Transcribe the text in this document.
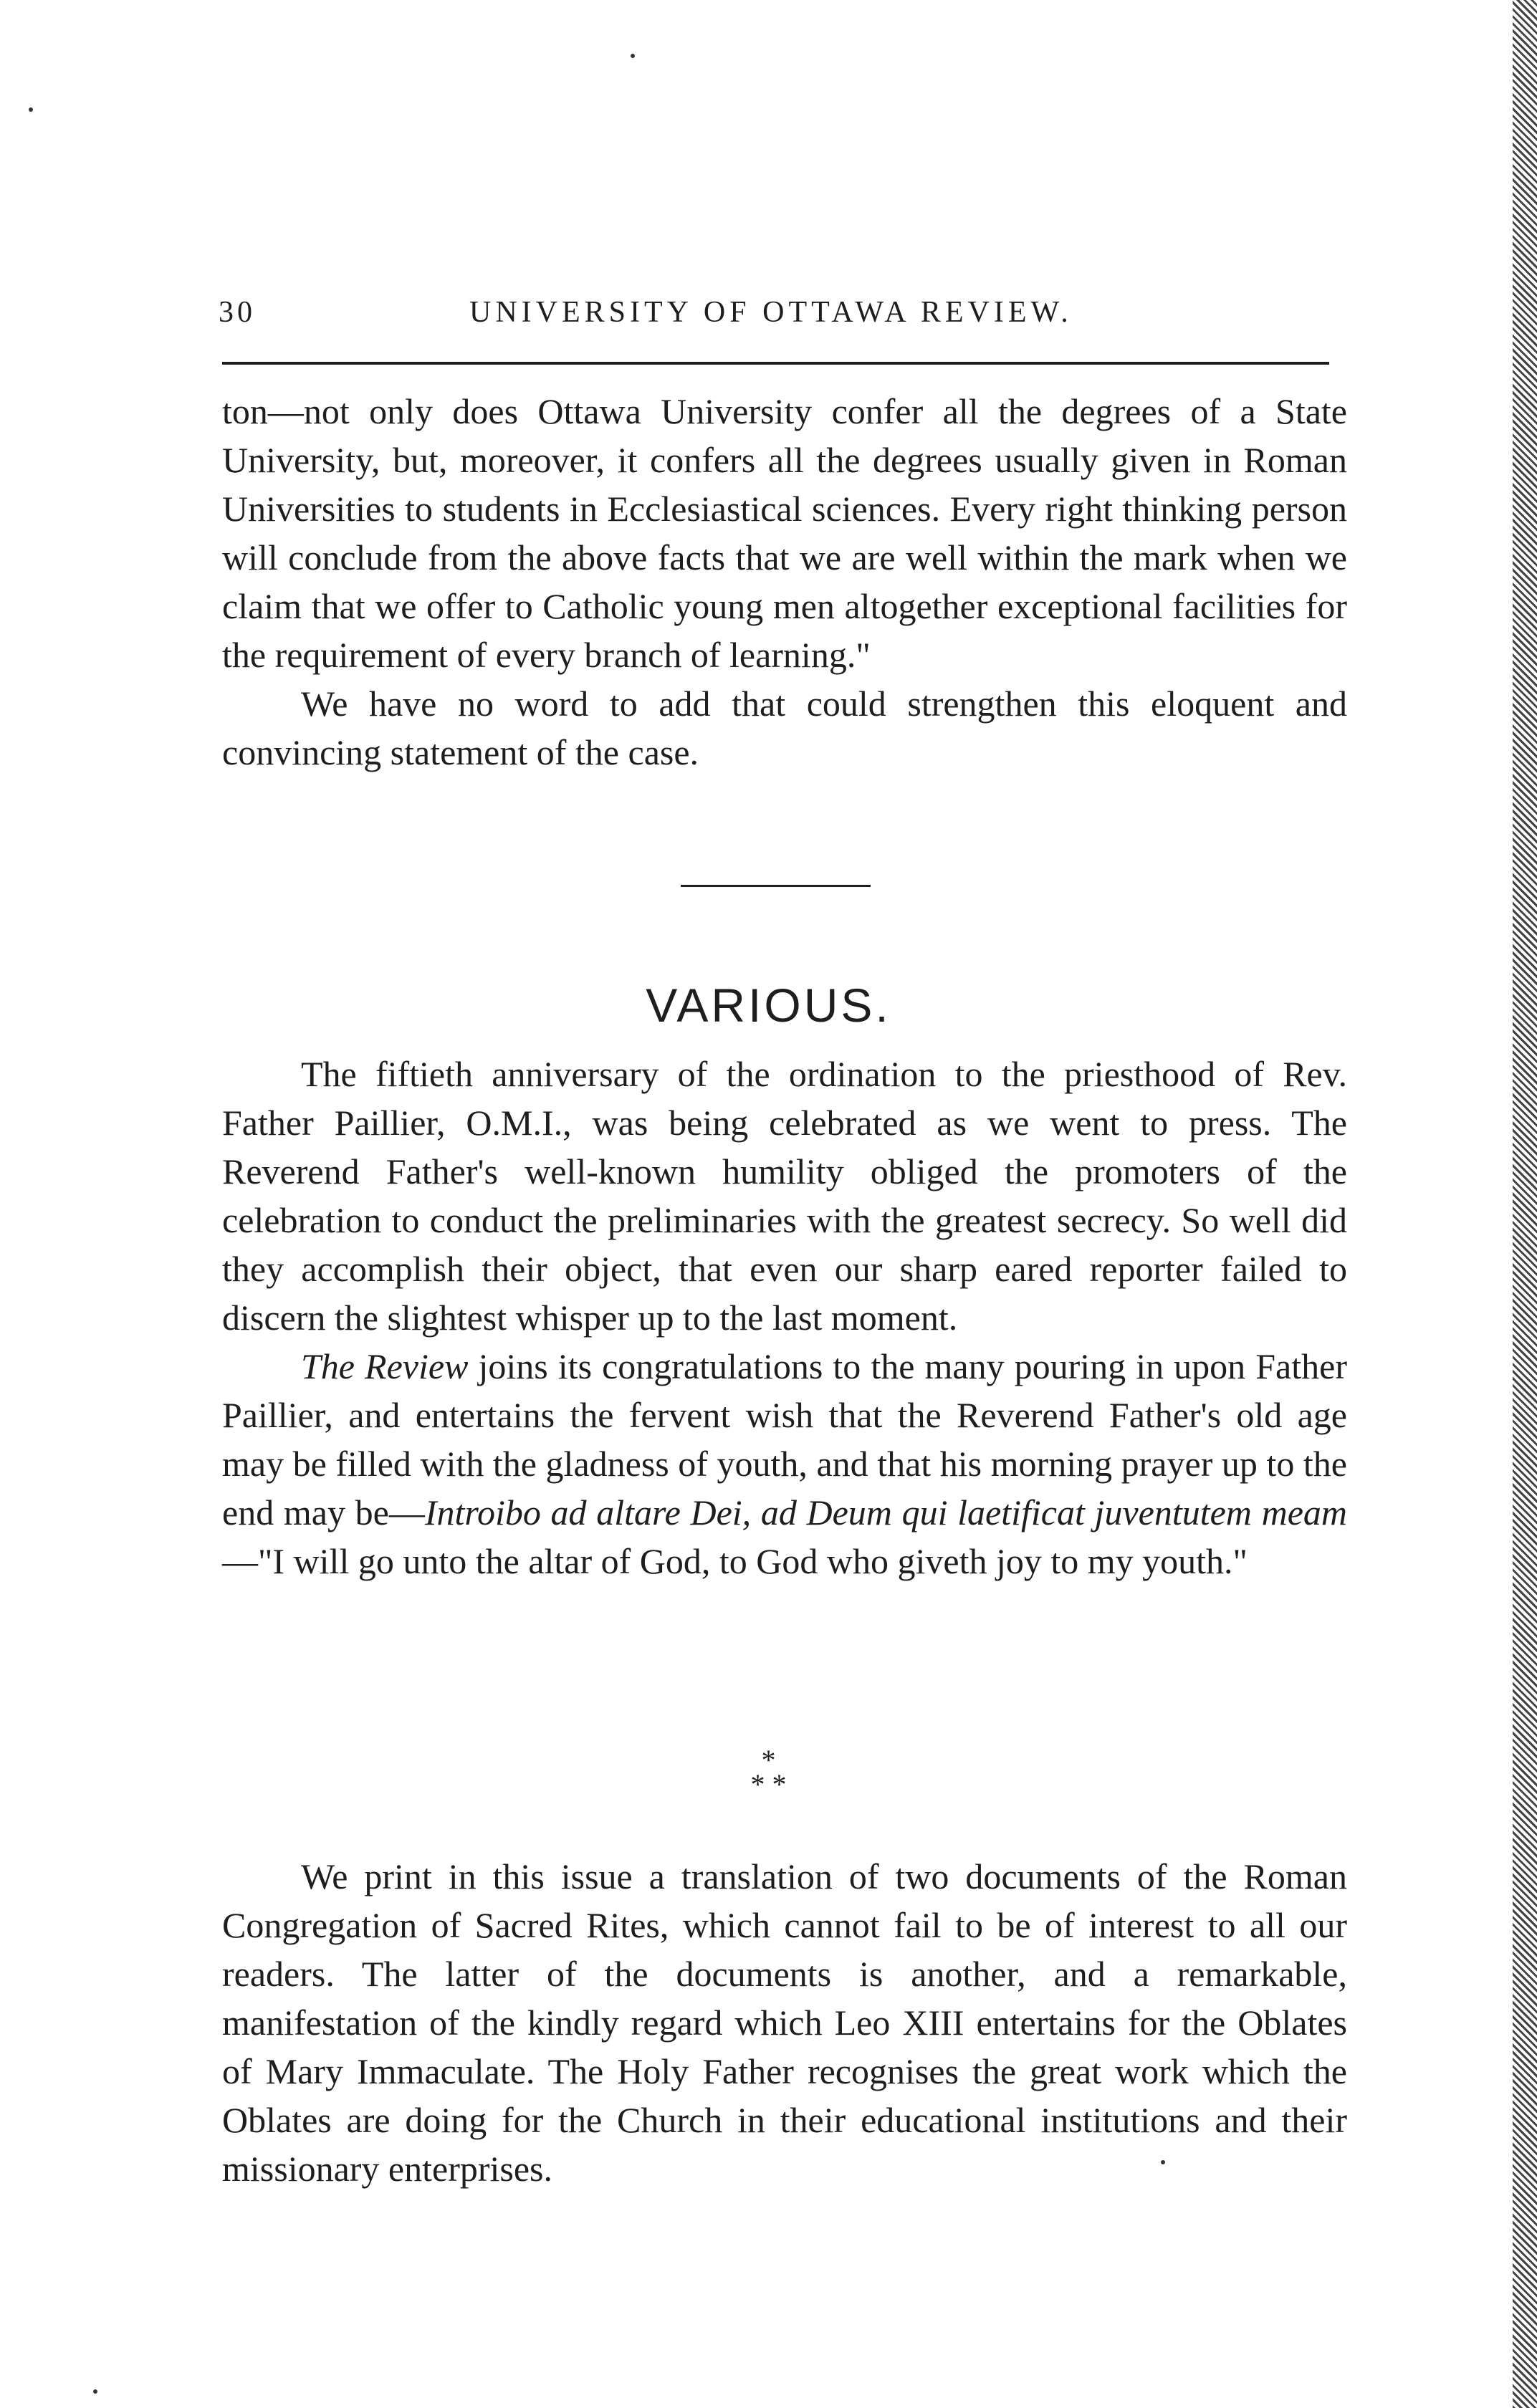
30	UNIVERSITY OF OTTAWA REVIEW.

ton—not only does Ottawa University confer all the degrees of a State University, but, moreover, it confers all the degrees usually given in Roman Universities to students in Ecclesiastical sciences. Every right thinking person will conclude from the above facts that we are well within the mark when we claim that we offer to Catholic young men altogether exceptional facilities for the requirement of every branch of learning."

We have no word to add that could strengthen this eloquent and convincing statement of the case.

VARIOUS.

The fiftieth anniversary of the ordination to the priesthood of Rev. Father Paillier, O.M.I., was being celebrated as we went to press. The Reverend Father's well-known humility obliged the promoters of the celebration to conduct the preliminaries with the greatest secrecy. So well did they accomplish their object, that even our sharp eared reporter failed to discern the slightest whisper up to the last moment.

The Review joins its congratulations to the many pouring in upon Father Paillier, and entertains the fervent wish that the Reverend Father's old age may be filled with the gladness of youth, and that his morning prayer up to the end may be—Introibo ad altare Dei, ad Deum qui laetificat juventutem meam—"I will go unto the altar of God, to God who giveth joy to my youth."

*
* *

We print in this issue a translation of two documents of the Roman Congregation of Sacred Rites, which cannot fail to be of interest to all our readers. The latter of the documents is another, and a remarkable, manifestation of the kindly regard which Leo XIII entertains for the Oblates of Mary Immaculate. The Holy Father recognises the great work which the Oblates are doing for the Church in their educational institutions and their missionary enterprises.
